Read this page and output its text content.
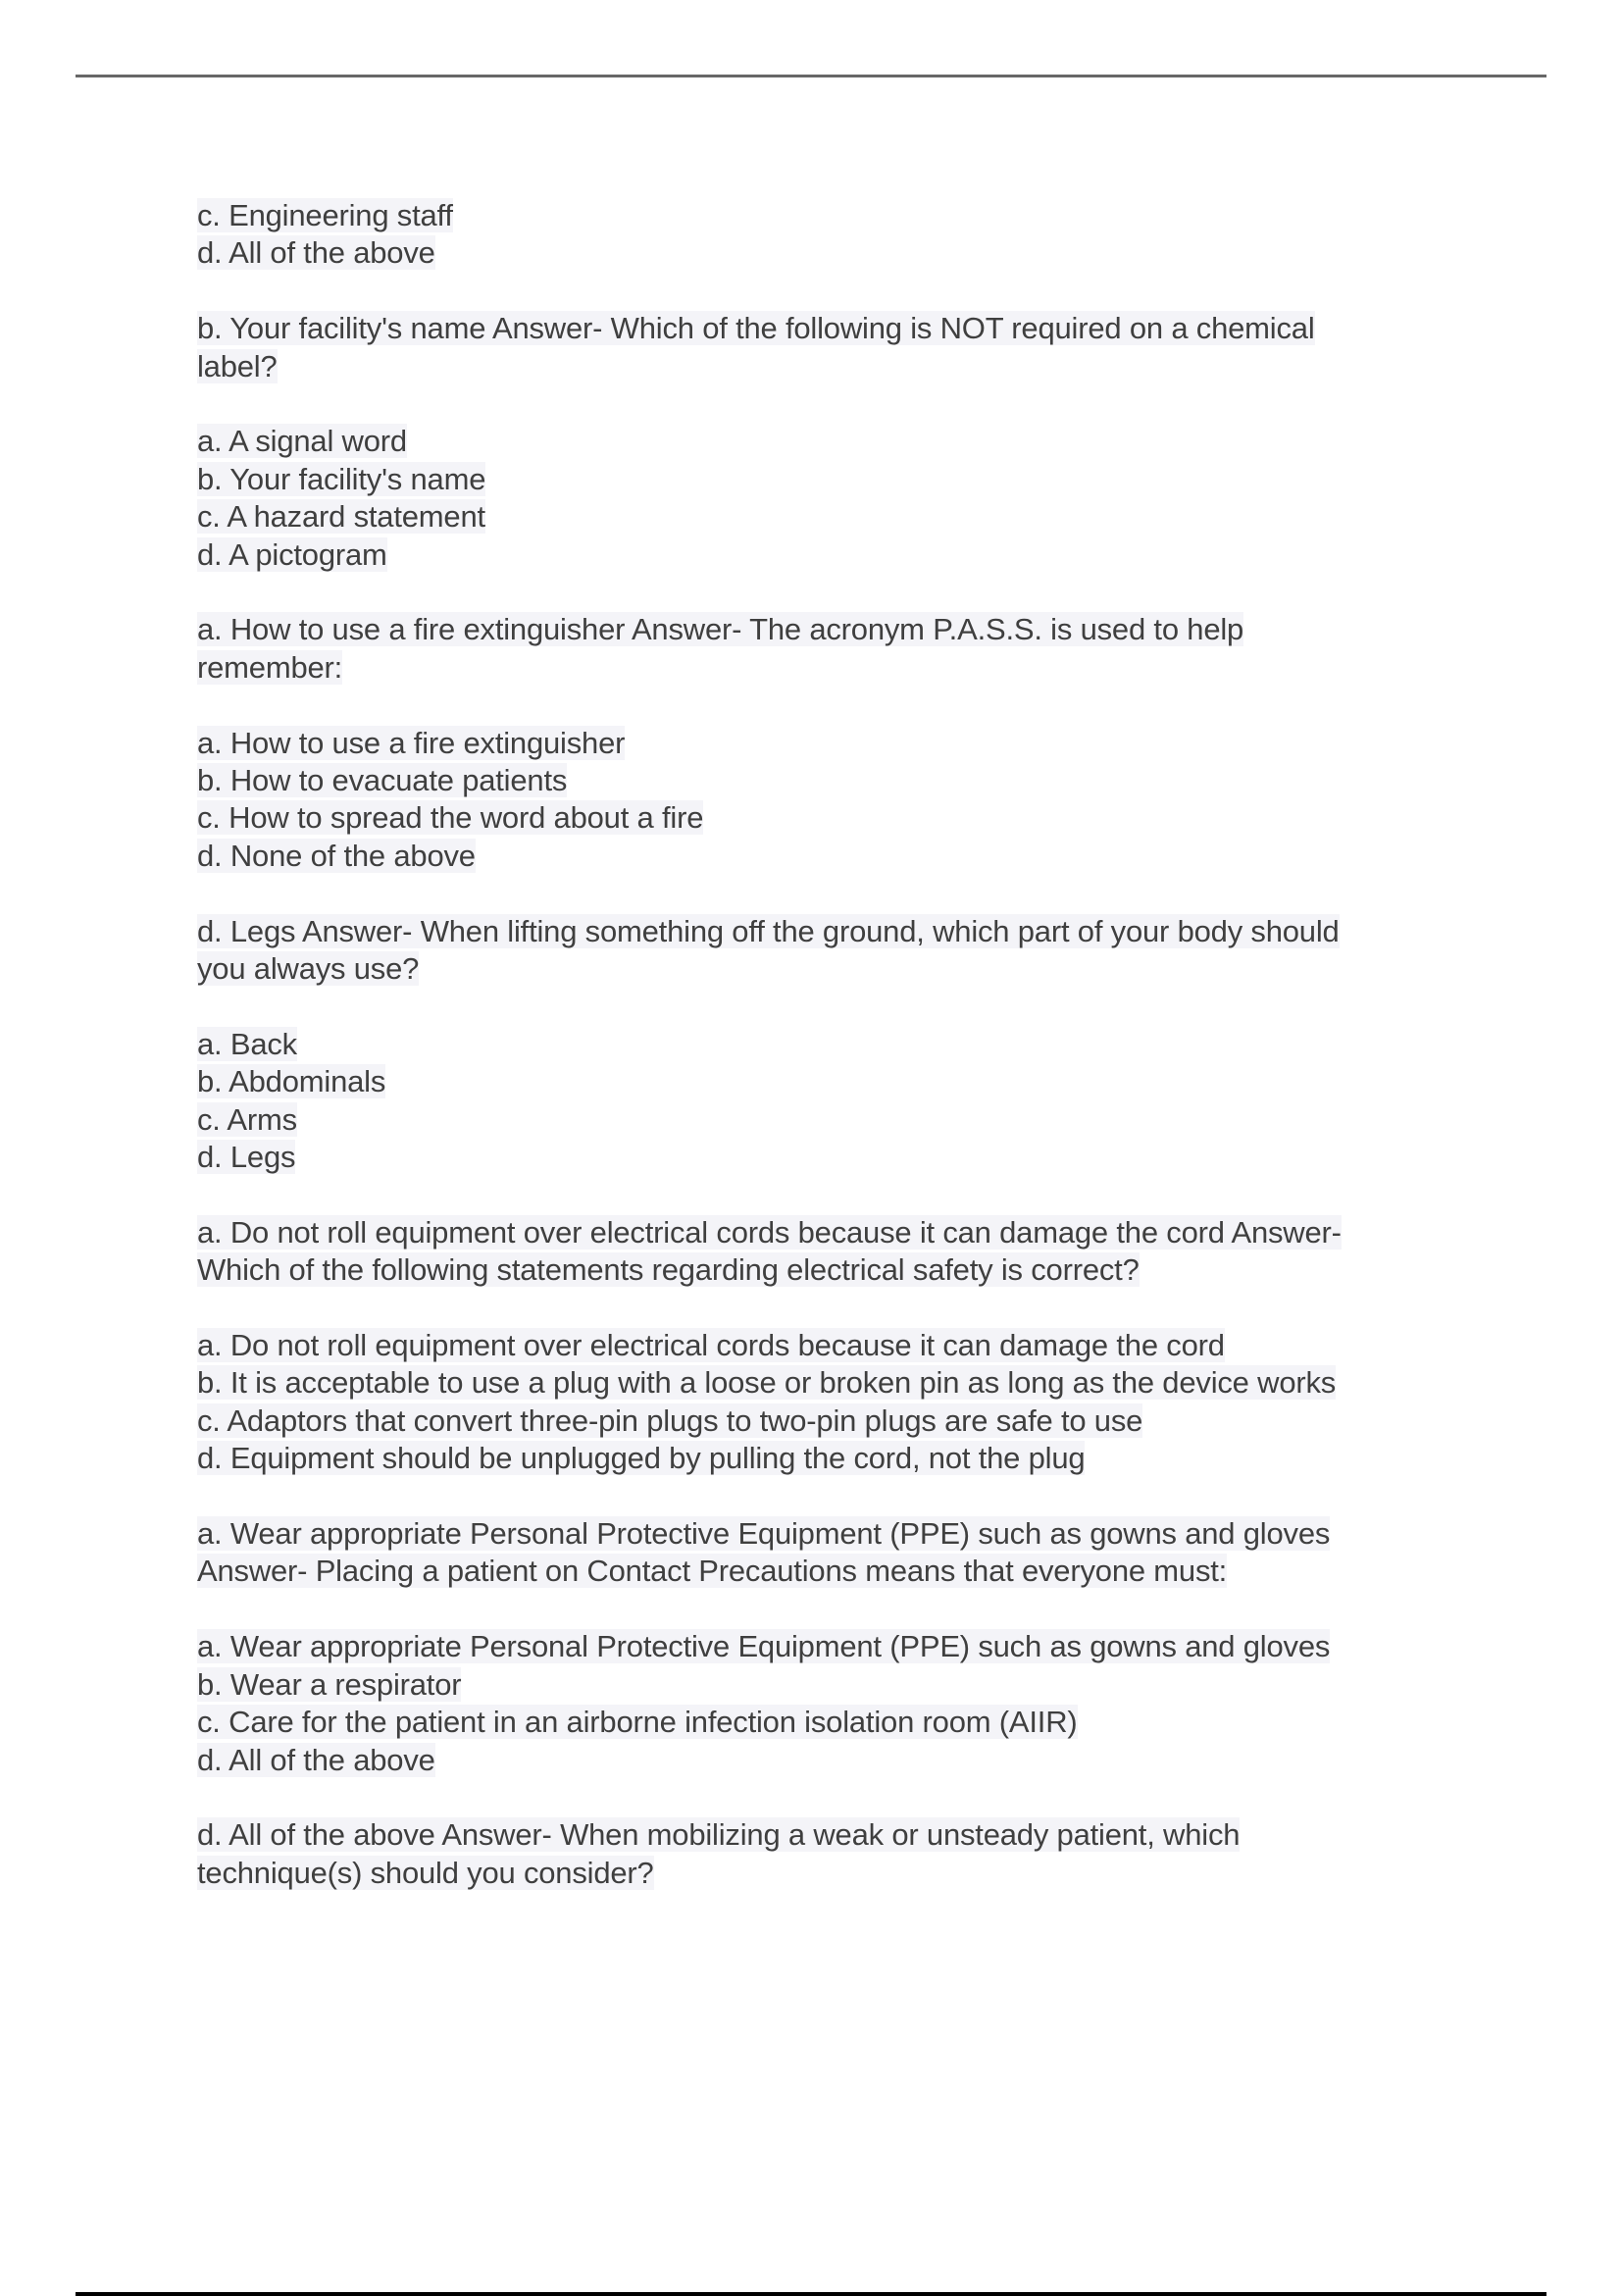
c. Engineering staff
d. All of the above
b. Your facility's name Answer- Which of the following is NOT required on a chemical
label?
a. A signal word
b. Your facility's name
c. A hazard statement
d. A pictogram
a. How to use a fire extinguisher Answer- The acronym P.A.S.S. is used to help
remember:
a. How to use a fire extinguisher
b. How to evacuate patients
c. How to spread the word about a fire
d. None of the above
d. Legs Answer- When lifting something off the ground, which part of your body should
you always use?
a. Back
b. Abdominals
c. Arms
d. Legs
a. Do not roll equipment over electrical cords because it can damage the cord Answer-
Which of the following statements regarding electrical safety is correct?
a. Do not roll equipment over electrical cords because it can damage the cord
b. It is acceptable to use a plug with a loose or broken pin as long as the device works
c. Adaptors that convert three-pin plugs to two-pin plugs are safe to use
d. Equipment should be unplugged by pulling the cord, not the plug
a. Wear appropriate Personal Protective Equipment (PPE) such as gowns and gloves
Answer- Placing a patient on Contact Precautions means that everyone must:
a. Wear appropriate Personal Protective Equipment (PPE) such as gowns and gloves
b. Wear a respirator
c. Care for the patient in an airborne infection isolation room (AIIR)
d. All of the above
d. All of the above Answer- When mobilizing a weak or unsteady patient, which
technique(s) should you consider?
